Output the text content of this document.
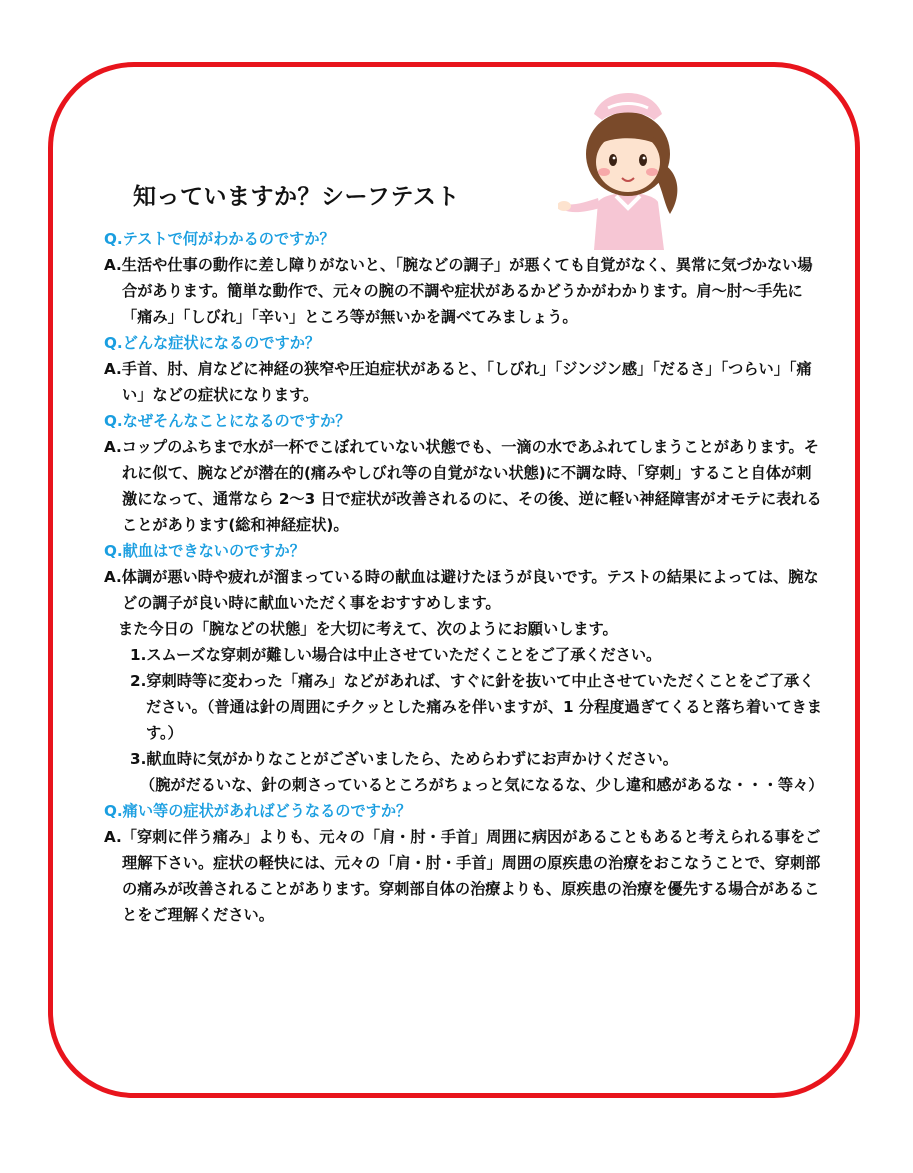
知っていますか？シーフテスト

Q.テストで何がわかるのですか？

A.生活や仕事の動作に差し障りがないと、「腕などの調子」が悪くても自覚がなく、異常に気づかない場合があります。簡単な動作で、元々の腕の不調や症状があるかどうかがわかります。肩～肘～手先に「痛み」「しびれ」「辛い」ところ等が無いかを調べてみましょう。

Q.どんな症状になるのですか？

A.手首、肘、肩などに神経の狭窄や圧迫症状があると、「しびれ」「ジンジン感」「だるさ」「つらい」「痛い」などの症状になります。

Q.なぜそんなことになるのですか？

A.コップのふちまで水が一杯でこぼれていない状態でも、一滴の水であふれてしまうことがあります。それに似て、腕などが潜在的(痛みやしびれ等の自覚がない状態)に不調な時、「穿刺」すること自体が刺激になって、通常なら 2～3 日で症状が改善されるのに、その後、逆に軽い神経障害がオモテに表れることがあります(総和神経症状)。

Q.献血はできないのですか？

A.体調が悪い時や疲れが溜まっている時の献血は避けたほうが良いです。テストの結果によっては、腕などの調子が良い時に献血いただく事をおすすめします。

また今日の「腕などの状態」を大切に考えて、次のようにお願いします。

1.スムーズな穿刺が難しい場合は中止させていただくことをご了承ください。
2.穿刺時等に変わった「痛み」などがあれば、すぐに針を抜いて中止させていただくことをご了承ください。（普通は針の周囲にチクッとした痛みを伴いますが、1 分程度過ぎてくると落ち着いてきます。）
3.献血時に気がかりなことがございましたら、ためらわずにお声かけください。

（腕がだるいな、針の刺さっているところがちょっと気になるな、少し違和感があるな・・・等々）

Q.痛い等の症状があればどうなるのですか？

A.「穿刺に伴う痛み」よりも、元々の「肩・肘・手首」周囲に病因があることもあると考えられる事をご理解下さい。症状の軽快には、元々の「肩・肘・手首」周囲の原疾患の治療をおこなうことで、穿刺部の痛みが改善されることがあります。穿刺部自体の治療よりも、原疾患の治療を優先する場合があることをご理解ください。
